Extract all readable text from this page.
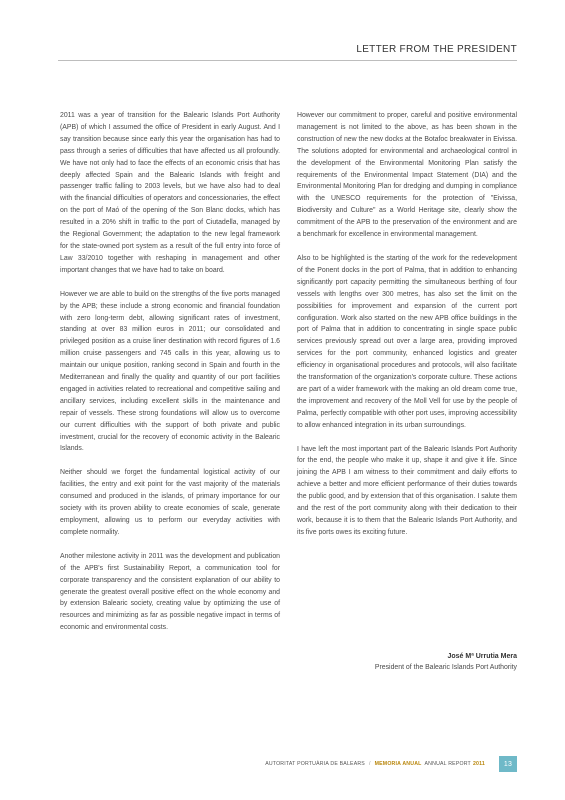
LETTER FROM THE PRESIDENT

2011 was a year of transition for the Balearic Islands Port Authority (APB) of which I assumed the office of President in early August. And I say transition because since early this year the organisation has had to pass through a series of difficulties that have affected us all profoundly. We have not only had to face the effects of an economic crisis that has deeply affected Spain and the Balearic Islands with freight and passenger traffic falling to 2003 levels, but we have also had to deal with the financial difficulties of operators and concessionaries, the effect on the port of Maó of the opening of the Son Blanc docks, which has resulted in a 20% shift in traffic to the port of Ciutadella, managed by the Regional Government; the adaptation to the new legal framework for the state-owned port system as a result of the full entry into force of Law 33/2010 together with reshaping in management and other important changes that we have had to take on board.

However we are able to build on the strengths of the five ports managed by the APB; these include a strong economic and financial foundation with zero long-term debt, allowing significant rates of investment, standing at over 83 million euros in 2011; our consolidated and privileged position as a cruise liner destination with record figures of 1.6 million cruise passengers and 745 calls in this year, allowing us to maintain our unique position, ranking second in Spain and fourth in the Mediterranean and finally the quality and quantity of our port facilities engaged in activities related to recreational and competitive sailing and ancillary services, including excellent skills in the maintenance and repair of vessels. These strong foundations will allow us to overcome our current difficulties with the support of both private and public investment, crucial for the recovery of economic activity in the Balearic Islands.

Neither should we forget the fundamental logistical activity of our facilities, the entry and exit point for the vast majority of the materials consumed and produced in the islands, of primary importance for our society with its proven ability to create economies of scale, generate employment, allowing us to perform our everyday activities with complete normality.

Another milestone activity in 2011 was the development and publication of the APB's first Sustainability Report, a communication tool for corporate transparency and the consistent explanation of our ability to generate the greatest overall positive effect on the whole economy and by extension Balearic society, creating value by optimizing the use of resources and minimizing as far as possible negative impact in terms of economic and environmental costs.

However our commitment to proper, careful and positive environmental management is not limited to the above, as has been shown in the construction of new the new docks at the Botafoc breakwater in Eivissa. The solutions adopted for environmental and archaeological control in the development of the Environmental Monitoring Plan satisfy the requirements of the Environmental Impact Statement (DIA) and the Environmental Monitoring Plan for dredging and dumping in compliance with the UNESCO requirements for the protection of "Eivissa, Biodiversity and Culture" as a World Heritage site, clearly show the commitment of the APB to the preservation of the environment and are a benchmark for excellence in environmental management.

Also to be highlighted is the starting of the work for the redevelopment of the Ponent docks in the port of Palma, that in addition to enhancing significantly port capacity permitting the simultaneous berthing of four vessels with lengths over 300 metres, has also set the limit on the possibilities for improvement and expansion of the current port configuration. Work also started on the new APB office buildings in the port of Palma that in addition to concentrating in single space public services previously spread out over a large area, providing improved services for the port community, enhanced logistics and greater efficiency in organisational procedures and protocols, will also facilitate the transformation of the organization's corporate culture. These actions are part of a wider framework with the making an old dream come true, the improvement and recovery of the Moll Vell for use by the people of Palma, perfectly compatible with other port uses, improving accessibility to allow enhanced integration in its urban surroundings.

I have left the most important part of the Balearic Islands Port Authority for the end, the people who make it up, shape it and give it life. Since joining the APB I am witness to their commitment and daily efforts to achieve a better and more efficient performance of their duties towards the public good, and by extension that of this organisation. I salute them and the rest of the port community along with their dedication to their work, because it is to them that the Balearic Islands Port Authority, and its five ports owes its exciting future.

José Mª Urrutia Mera
President of the Balearic Islands Port Authority
AUTORITAT PORTUÀRIA DE BALEARS / MEMORIA ANUAL ANNUAL REPORT 2011	13
